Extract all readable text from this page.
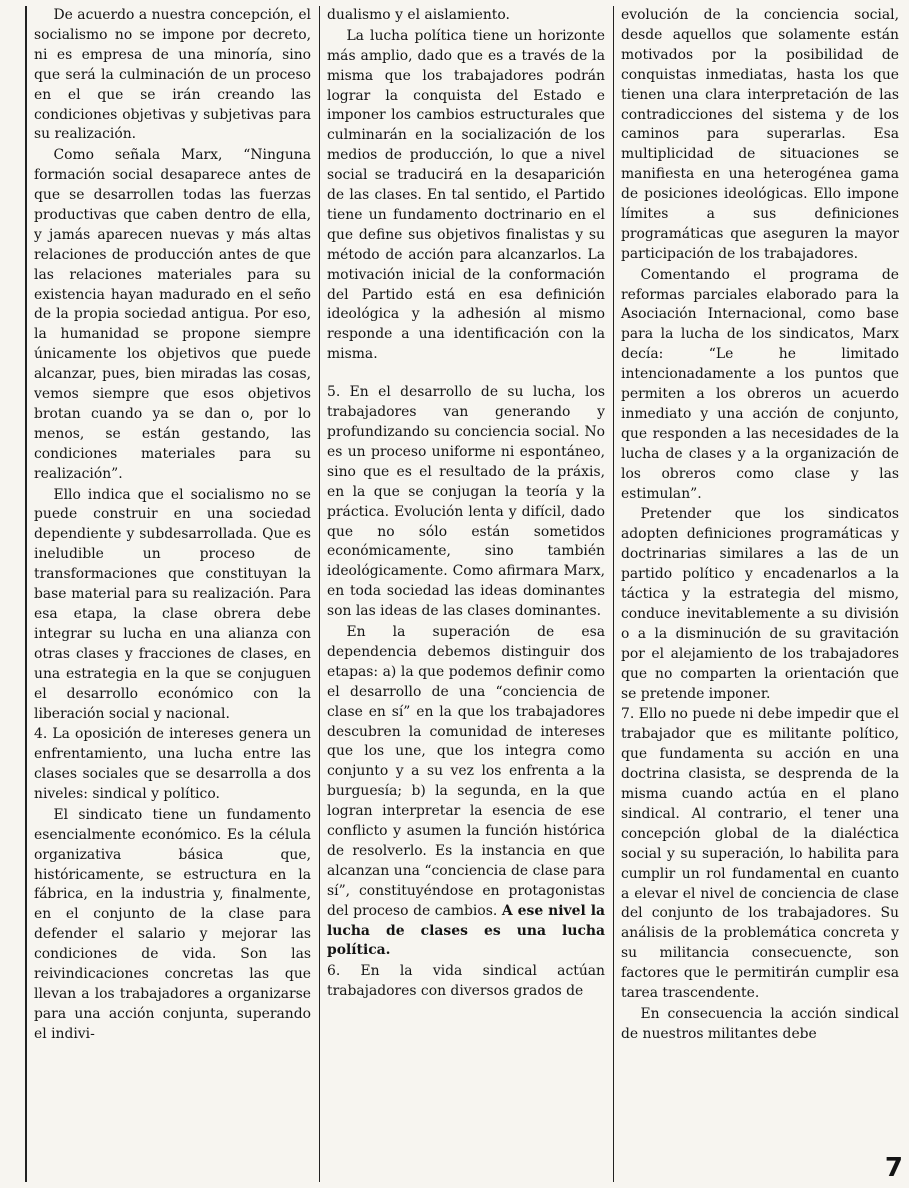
De acuerdo a nuestra concepción, el socialismo no se impone por decreto, ni es empresa de una minoría, sino que será la culminación de un proceso en el que se irán creando las condiciones objetivas y subjetivas para su realización.

Como señala Marx, “Ninguna formación social desaparece antes de que se desarrollen todas las fuerzas productivas que caben dentro de ella, y jamás aparecen nuevas y más altas relaciones de producción antes de que las relaciones materiales para su existencia hayan madurado en el seño de la propia sociedad antigua. Por eso, la humanidad se propone siempre únicamente los objetivos que puede alcanzar, pues, bien miradas las cosas, vemos siempre que esos objetivos brotan cuando ya se dan o, por lo menos, se están gestando, las condiciones materiales para su realización”.

Ello indica que el socialismo no se puede construir en una sociedad dependiente y subdesarrollada. Que es ineludible un proceso de transformaciones que constituyan la base material para su realización. Para esa etapa, la clase obrera debe integrar su lucha en una alianza con otras clases y fracciones de clases, en una estrategia en la que se conjuguen el desarrollo económico con la liberación social y nacional.

4. La oposición de intereses genera un enfrentamiento, una lucha entre las clases sociales que se desarrolla a dos niveles: sindical y político.

El sindicato tiene un fundamento esencialmente económico. Es la célula organizativa básica que, históricamente, se estructura en la fábrica, en la industria y, finalmente, en el conjunto de la clase para defender el salario y mejorar las condiciones de vida. Son las reivindicaciones concretas las que llevan a los trabajadores a organizarse para una acción conjunta, superando el indivi-

dualismo y el aislamiento.

La lucha política tiene un horizonte más amplio, dado que es a través de la misma que los trabajadores podrán lograr la conquista del Estado e imponer los cambios estructurales que culminarán en la socialización de los medios de producción, lo que a nivel social se traducirá en la desaparición de las clases. En tal sentido, el Partido tiene un fundamento doctrinario en el que define sus objetivos finalistas y su método de acción para alcanzarlos. La motivación inicial de la conformación del Partido está en esa definición ideológica y la adhesión al mismo responde a una identificación con la misma.

5. En el desarrollo de su lucha, los trabajadores van generando y profundizando su conciencia social. No es un proceso uniforme ni espontáneo, sino que es el resultado de la práxis, en la que se conjugan la teoría y la práctica. Evolución lenta y difícil, dado que no sólo están sometidos económicamente, sino también ideológicamente. Como afirmara Marx, en toda sociedad las ideas dominantes son las ideas de las clases dominantes.

En la superación de esa dependencia debemos distinguir dos etapas: a) la que podemos definir como el desarrollo de una “conciencia de clase en sí” en la que los trabajadores descubren la comunidad de intereses que los une, que los integra como conjunto y a su vez los enfrenta a la burguesía; b) la segunda, en la que logran interpretar la esencia de ese conflicto y asumen la función histórica de resolverlo. Es la instancia en que alcanzan una “conciencia de clase para sí”, constituyéndose en protagonistas del proceso de cambios. A ese nivel la lucha de clases es una lucha política.

6. En la vida sindical actúan trabajadores con diversos grados de

evolución de la conciencia social, desde aquellos que solamente están motivados por la posibilidad de conquistas inmediatas, hasta los que tienen una clara interpretación de las contradicciones del sistema y de los caminos para superarlas. Esa multiplicidad de situaciones se manifiesta en una heterogénea gama de posiciones ideológicas. Ello impone límites a sus definiciones programáticas que aseguren la mayor participación de los trabajadores.

Comentando el programa de reformas parciales elaborado para la Asociación Internacional, como base para la lucha de los sindicatos, Marx decía: “Le he limitado intencionadamente a los puntos que permiten a los obreros un acuerdo inmediato y una acción de conjunto, que responden a las necesidades de la lucha de clases y a la organización de los obreros como clase y las estimulan”.

Pretender que los sindicatos adopten definiciones programáticas y doctrinarias similares a las de un partido político y encadenarlos a la táctica y la estrategia del mismo, conduce inevitablemente a su división o a la disminución de su gravitación por el alejamiento de los trabajadores que no comparten la orientación que se pretende imponer.

7. Ello no puede ni debe impedir que el trabajador que es militante político, que fundamenta su acción en una doctrina clasista, se desprenda de la misma cuando actúa en el plano sindical. Al contrario, el tener una concepción global de la dialéctica social y su superación, lo habilita para cumplir un rol fundamental en cuanto a elevar el nivel de conciencia de clase del conjunto de los trabajadores. Su análisis de la problemática concreta y su militancia consecuencte, son factores que le permitirán cumplir esa tarea trascendente.

En consecuencia la acción sindical de nuestros militantes debe

7
